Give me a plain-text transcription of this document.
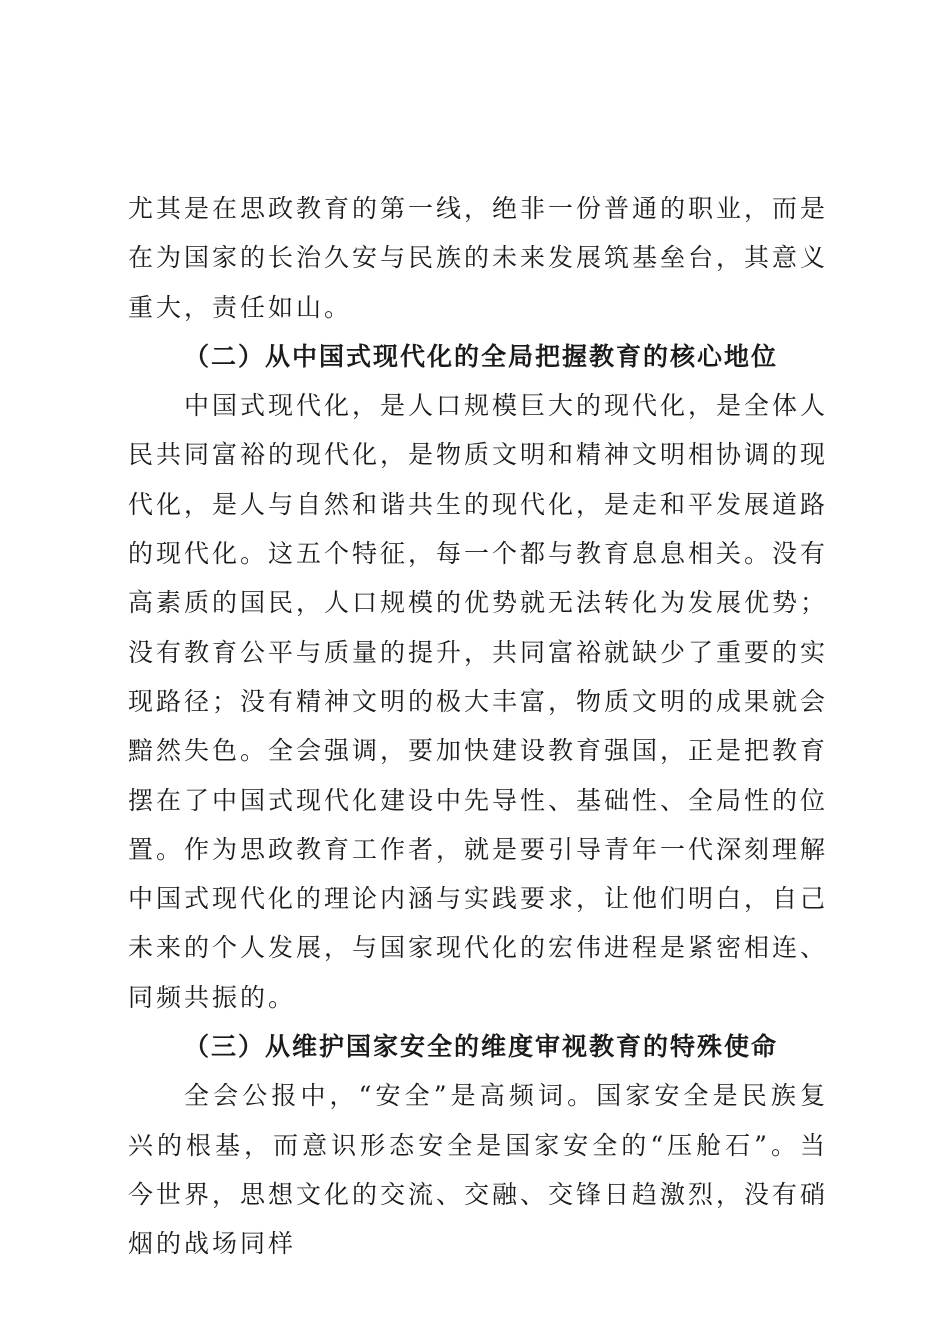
尤其是在思政教育的第一线，绝非一份普通的职业，而是在为国家的长治久安与民族的未来发展筑基垒台，其意义重大，责任如山。

（二）从中国式现代化的全局把握教育的核心地位

中国式现代化，是人口规模巨大的现代化，是全体人民共同富裕的现代化，是物质文明和精神文明相协调的现代化，是人与自然和谐共生的现代化，是走和平发展道路的现代化。这五个特征，每一个都与教育息息相关。没有高素质的国民，人口规模的优势就无法转化为发展优势；没有教育公平与质量的提升，共同富裕就缺少了重要的实现路径；没有精神文明的极大丰富，物质文明的成果就会黯然失色。全会强调，要加快建设教育强国，正是把教育摆在了中国式现代化建设中先导性、基础性、全局性的位置。作为思政教育工作者，就是要引导青年一代深刻理解中国式现代化的理论内涵与实践要求，让他们明白，自己未来的个人发展，与国家现代化的宏伟进程是紧密相连、同频共振的。

（三）从维护国家安全的维度审视教育的特殊使命

全会公报中，“安全”是高频词。国家安全是民族复兴的根基，而意识形态安全是国家安全的“压舱石”。当今世界，思想文化的交流、交融、交锋日趋激烈，没有硝烟的战场同样
